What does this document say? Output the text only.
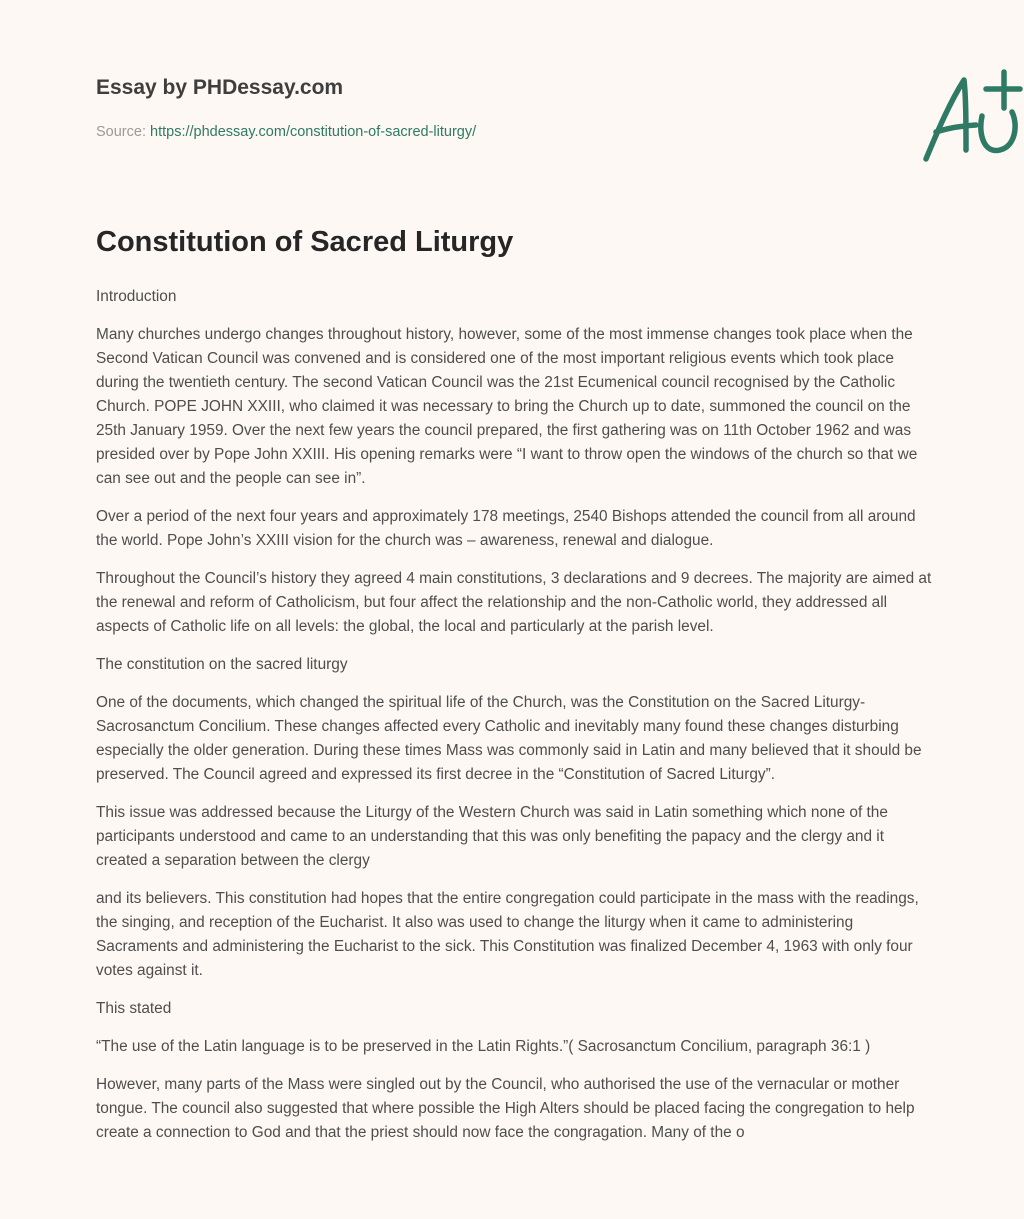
Essay by PHDessay.com
Source: https://phdessay.com/constitution-of-sacred-liturgy/
Constitution of Sacred Liturgy

Introduction

Many churches undergo changes throughout history, however, some of the most immense changes took place when the Second Vatican Council was convened and is considered one of the most important religious events which took place during the twentieth century. The second Vatican Council was the 21st Ecumenical council recognised by the Catholic Church. POPE JOHN XXIII, who claimed it was necessary to bring the Church up to date, summoned the council on the 25th January 1959. Over the next few years the council prepared, the first gathering was on 11th October 1962 and was presided over by Pope John XXIII. His opening remarks were “I want to throw open the windows of the church so that we can see out and the people can see in”.

Over a period of the next four years and approximately 178 meetings, 2540 Bishops attended the council from all around the world. Pope John’s XXIII vision for the church was – awareness, renewal and dialogue.

Throughout the Council’s history they agreed 4 main constitutions, 3 declarations and 9 decrees. The majority are aimed at the renewal and reform of Catholicism, but four affect the relationship and the non-Catholic world, they addressed all aspects of Catholic life on all levels: the global, the local and particularly at the parish level.

The constitution on the sacred liturgy

One of the documents, which changed the spiritual life of the Church, was the Constitution on the Sacred Liturgy- Sacrosanctum Concilium. These changes affected every Catholic and inevitably many found these changes disturbing especially the older generation. During these times Mass was commonly said in Latin and many believed that it should be preserved. The Council agreed and expressed its first decree in the “Constitution of Sacred Liturgy”.

This issue was addressed because the Liturgy of the Western Church was said in Latin something which none of the participants understood and came to an understanding that this was only benefiting the papacy and the clergy and it created a separation between the clergy

and its believers. This constitution had hopes that the entire congregation could participate in the mass with the readings, the singing, and reception of the Eucharist. It also was used to change the liturgy when it came to administering Sacraments and administering the Eucharist to the sick. This Constitution was finalized December 4, 1963 with only four votes against it.

This stated

“The use of the Latin language is to be preserved in the Latin Rights.”( Sacrosanctum Concilium, paragraph 36:1 )

However, many parts of the Mass were singled out by the Council, who authorised the use of the vernacular or mother tongue. The council also suggested that where possible the High Alters should be placed facing the congregation to help create a connection to God and that the priest should now face the congragation. Many of the o
